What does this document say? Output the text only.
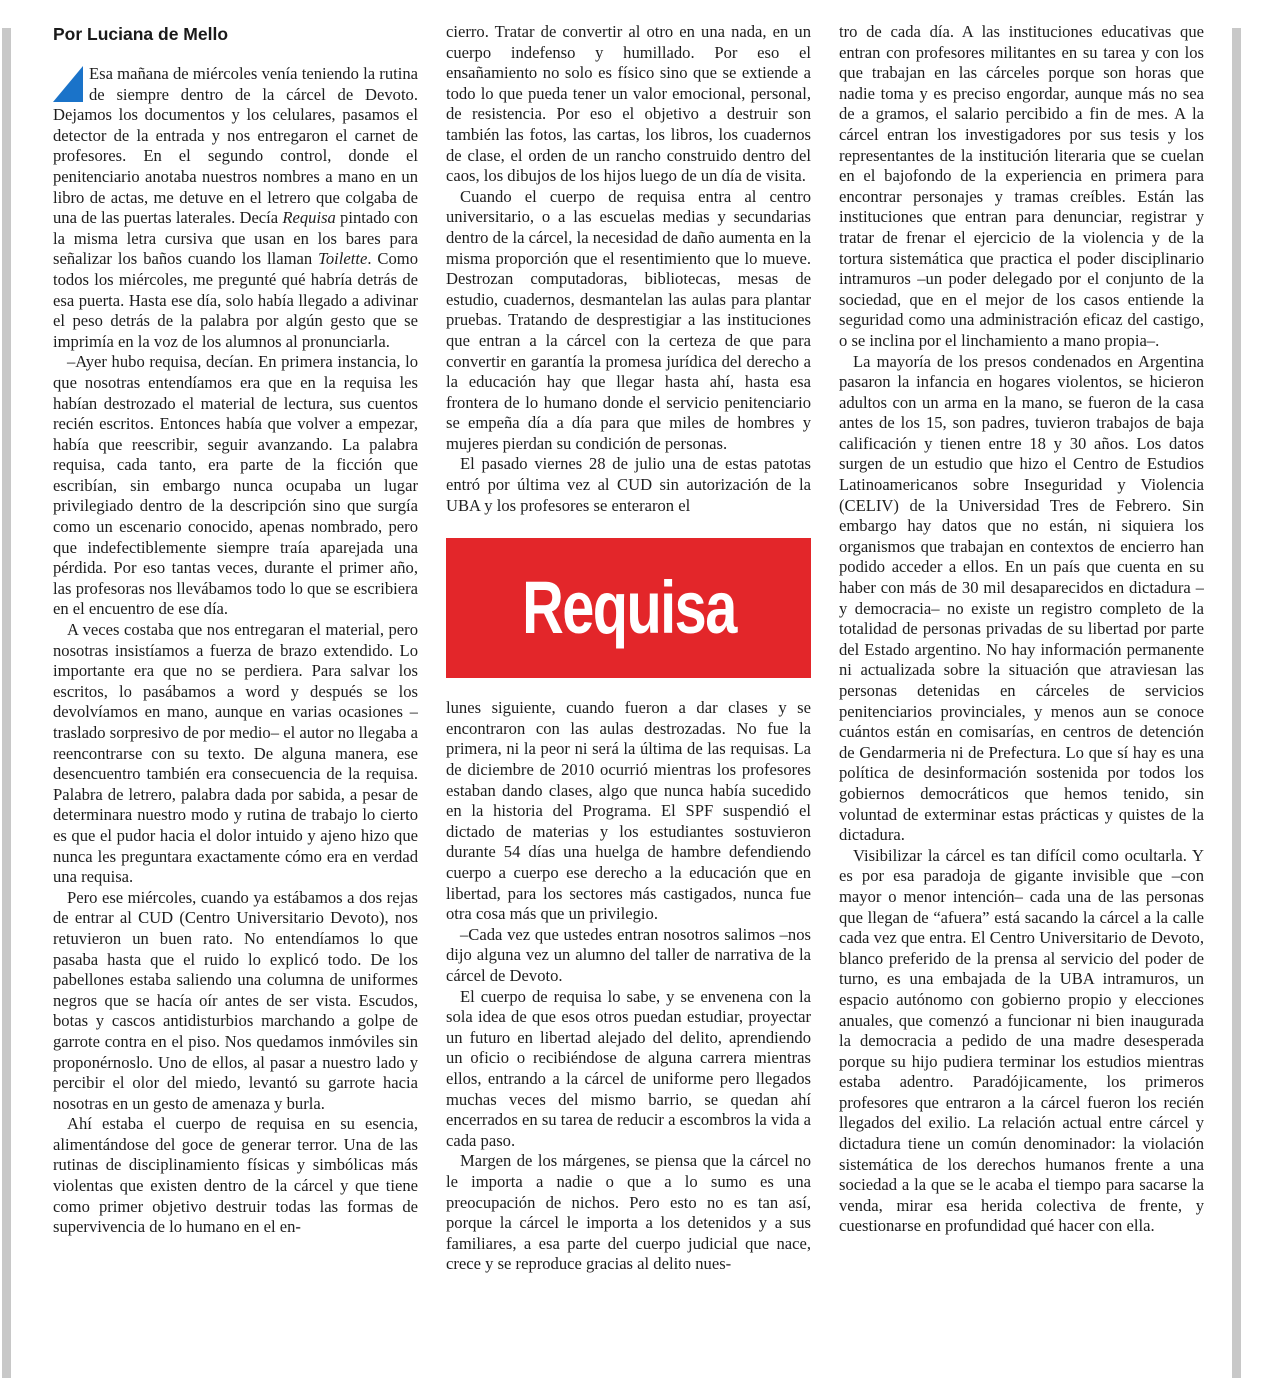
Por Luciana de Mello

Esa mañana de miércoles venía teniendo la rutina de siempre dentro de la cárcel de Devoto. Dejamos los documentos y los celulares, pasamos el detector de la entrada y nos entregaron el carnet de profesores. En el segundo control, donde el penitenciario anotaba nuestros nombres a mano en un libro de actas, me detuve en el letrero que colgaba de una de las puertas laterales. Decía Requisa pintado con la misma letra cursiva que usan en los bares para señalizar los baños cuando los llaman Toilette. Como todos los miércoles, me pregunté qué habría detrás de esa puerta. Hasta ese día, solo había llegado a adivinar el peso detrás de la palabra por algún gesto que se imprimía en la voz de los alumnos al pronunciarla.

–Ayer hubo requisa, decían. En primera instancia, lo que nosotras entendíamos era que en la requisa les habían destrozado el material de lectura, sus cuentos recién escritos. Entonces había que volver a empezar, había que reescribir, seguir avanzando. La palabra requisa, cada tanto, era parte de la ficción que escribían, sin embargo nunca ocupaba un lugar privilegiado dentro de la descripción sino que surgía como un escenario conocido, apenas nombrado, pero que indefectiblemente siempre traía aparejada una pérdida. Por eso tantas veces, durante el primer año, las profesoras nos llevábamos todo lo que se escribiera en el encuentro de ese día.

A veces costaba que nos entregaran el material, pero nosotras insistíamos a fuerza de brazo extendido. Lo importante era que no se perdiera. Para salvar los escritos, lo pasábamos a word y después se los devolvíamos en mano, aunque en varias ocasiones –traslado sorpresivo de por medio– el autor no llegaba a reencontrarse con su texto. De alguna manera, ese desencuentro también era consecuencia de la requisa. Palabra de letrero, palabra dada por sabida, a pesar de determinara nuestro modo y rutina de trabajo lo cierto es que el pudor hacia el dolor intuido y ajeno hizo que nunca les preguntara exactamente cómo era en verdad una requisa.

Pero ese miércoles, cuando ya estábamos a dos rejas de entrar al CUD (Centro Universitario Devoto), nos retuvieron un buen rato. No entendíamos lo que pasaba hasta que el ruido lo explicó todo. De los pabellones estaba saliendo una columna de uniformes negros que se hacía oír antes de ser vista. Escudos, botas y cascos antidisturbios marchando a golpe de garrote contra en el piso. Nos quedamos inmóviles sin proponérnoslo. Uno de ellos, al pasar a nuestro lado y percibir el olor del miedo, levantó su garrote hacia nosotras en un gesto de amenaza y burla.

Ahí estaba el cuerpo de requisa en su esencia, alimentándose del goce de generar terror. Una de las rutinas de disciplinamiento físicas y simbólicas más violentas que existen dentro de la cárcel y que tiene como primer objetivo destruir todas las formas de supervivencia de lo humano en el en-

cierro. Tratar de convertir al otro en una nada, en un cuerpo indefenso y humillado. Por eso el ensañamiento no solo es físico sino que se extiende a todo lo que pueda tener un valor emocional, personal, de resistencia. Por eso el objetivo a destruir son también las fotos, las cartas, los libros, los cuadernos de clase, el orden de un rancho construido dentro del caos, los dibujos de los hijos luego de un día de visita.

Cuando el cuerpo de requisa entra al centro universitario, o a las escuelas medias y secundarias dentro de la cárcel, la necesidad de daño aumenta en la misma proporción que el resentimiento que lo mueve. Destrozan computadoras, bibliotecas, mesas de estudio, cuadernos, desmantelan las aulas para plantar pruebas. Tratando de desprestigiar a las instituciones que entran a la cárcel con la certeza de que para convertir en garantía la promesa jurídica del derecho a la educación hay que llegar hasta ahí, hasta esa frontera de lo humano donde el servicio penitenciario se empeña día a día para que miles de hombres y mujeres pierdan su condición de personas.

El pasado viernes 28 de julio una de estas patotas entró por última vez al CUD sin autorización de la UBA y los profesores se enteraron el

Requisa

lunes siguiente, cuando fueron a dar clases y se encontraron con las aulas destrozadas. No fue la primera, ni la peor ni será la última de las requisas. La de diciembre de 2010 ocurrió mientras los profesores estaban dando clases, algo que nunca había sucedido en la historia del Programa. El SPF suspendió el dictado de materias y los estudiantes sostuvieron durante 54 días una huelga de hambre defendiendo cuerpo a cuerpo ese derecho a la educación que en libertad, para los sectores más castigados, nunca fue otra cosa más que un privilegio.

–Cada vez que ustedes entran nosotros salimos –nos dijo alguna vez un alumno del taller de narrativa de la cárcel de Devoto.

El cuerpo de requisa lo sabe, y se envenena con la sola idea de que esos otros puedan estudiar, proyectar un futuro en libertad alejado del delito, aprendiendo un oficio o recibiéndose de alguna carrera mientras ellos, entrando a la cárcel de uniforme pero llegados muchas veces del mismo barrio, se quedan ahí encerrados en su tarea de reducir a escombros la vida a cada paso.

Margen de los márgenes, se piensa que la cárcel no le importa a nadie o que a lo sumo es una preocupación de nichos. Pero esto no es tan así, porque la cárcel le importa a los detenidos y a sus familiares, a esa parte del cuerpo judicial que nace, crece y se reproduce gracias al delito nues-

tro de cada día. A las instituciones educativas que entran con profesores militantes en su tarea y con los que trabajan en las cárceles porque son horas que nadie toma y es preciso engordar, aunque más no sea de a gramos, el salario percibido a fin de mes. A la cárcel entran los investigadores por sus tesis y los representantes de la institución literaria que se cuelan en el bajofondo de la experiencia en primera para encontrar personajes y tramas creíbles. Están las instituciones que entran para denunciar, registrar y tratar de frenar el ejercicio de la violencia y de la tortura sistemática que practica el poder disciplinario intramuros –un poder delegado por el conjunto de la sociedad, que en el mejor de los casos entiende la seguridad como una administración eficaz del castigo, o se inclina por el linchamiento a mano propia–.

La mayoría de los presos condenados en Argentina pasaron la infancia en hogares violentos, se hicieron adultos con un arma en la mano, se fueron de la casa antes de los 15, son padres, tuvieron trabajos de baja calificación y tienen entre 18 y 30 años. Los datos surgen de un estudio que hizo el Centro de Estudios Latinoamericanos sobre Inseguridad y Violencia (CELIV) de la Universidad Tres de Febrero. Sin embargo hay datos que no están, ni siquiera los organismos que trabajan en contextos de encierro han podido acceder a ellos. En un país que cuenta en su haber con más de 30 mil desaparecidos en dictadura –y democracia– no existe un registro completo de la totalidad de personas privadas de su libertad por parte del Estado argentino. No hay información permanente ni actualizada sobre la situación que atraviesan las personas detenidas en cárceles de servicios penitenciarios provinciales, y menos aun se conoce cuántos están en comisarías, en centros de detención de Gendarmeria ni de Prefectura. Lo que sí hay es una política de desinformación sostenida por todos los gobiernos democráticos que hemos tenido, sin voluntad de exterminar estas prácticas y quistes de la dictadura.

Visibilizar la cárcel es tan difícil como ocultarla. Y es por esa paradoja de gigante invisible que –con mayor o menor intención– cada una de las personas que llegan de “afuera” está sacando la cárcel a la calle cada vez que entra. El Centro Universitario de Devoto, blanco preferido de la prensa al servicio del poder de turno, es una embajada de la UBA intramuros, un espacio autónomo con gobierno propio y elecciones anuales, que comenzó a funcionar ni bien inaugurada la democracia a pedido de una madre desesperada porque su hijo pudiera terminar los estudios mientras estaba adentro. Paradójicamente, los primeros profesores que entraron a la cárcel fueron los recién llegados del exilio. La relación actual entre cárcel y dictadura tiene un común denominador: la violación sistemática de los derechos humanos frente a una sociedad a la que se le acaba el tiempo para sacarse la venda, mirar esa herida colectiva de frente, y cuestionarse en profundidad qué hacer con ella.
